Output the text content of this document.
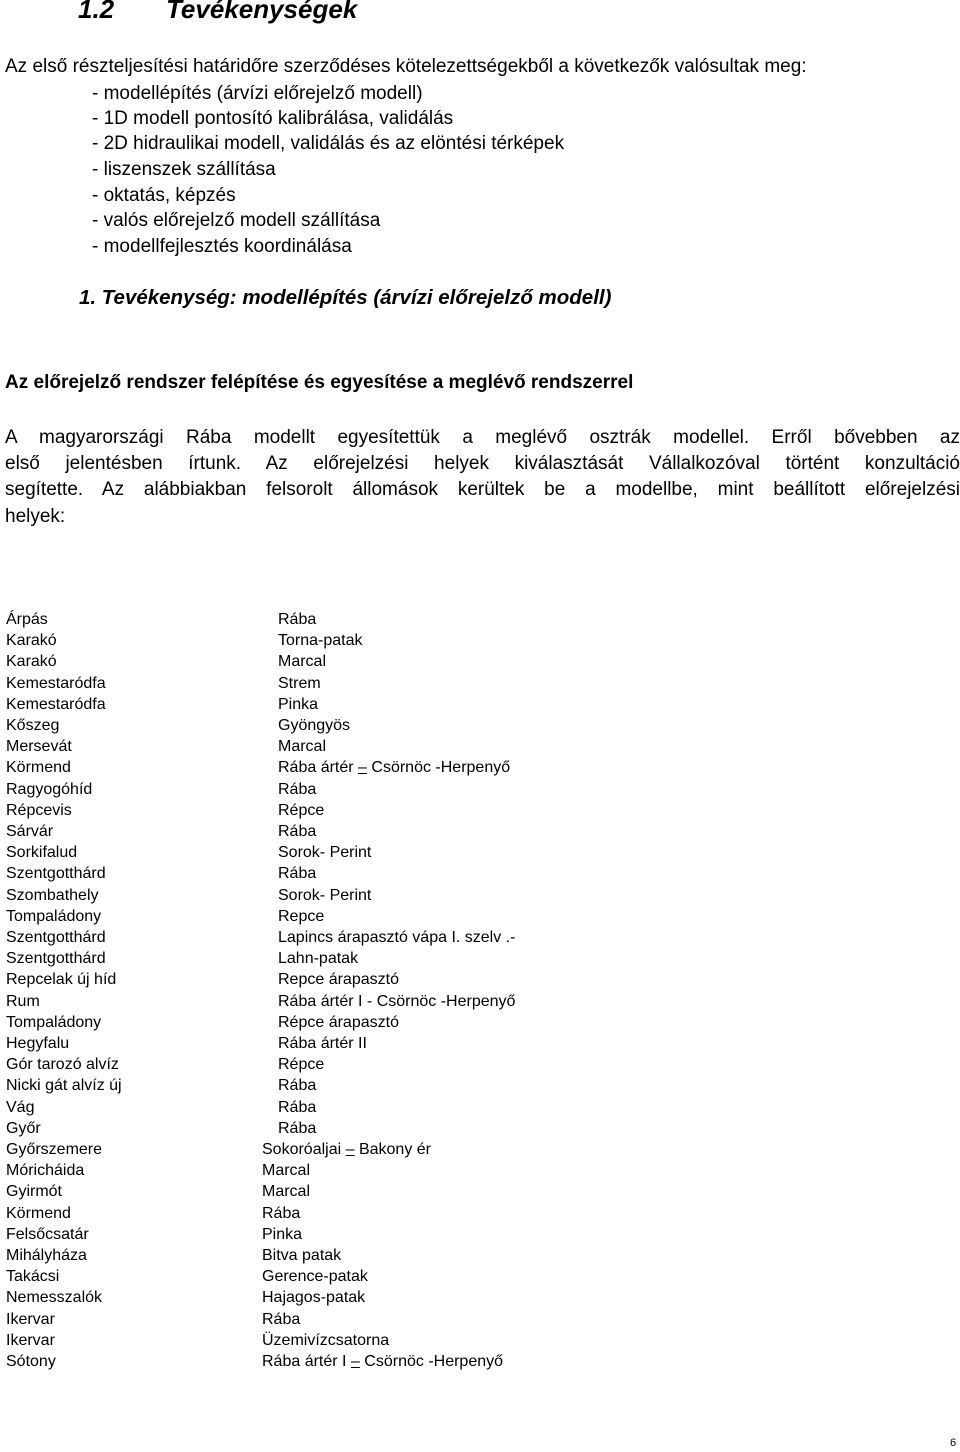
1.2 Tevékenységek
Az első részteljesítési határidőre szerződéses kötelezettségekből a következők valósultak meg:
- modellépítés (árvízi előrejelző modell)
- 1D modell pontosító kalibrálása, validálás
- 2D hidraulikai modell, validálás és az elöntési térképek
- liszenszek szállítása
- oktatás, képzés
- valós előrejelző modell szállítása
- modellfejlesztés koordinálása
1. Tevékenység: modellépítés (árvízi előrejelző modell)
Az előrejelző rendszer felépítése és egyesítése a meglévő rendszerrel
A magyarországi Rába modellt egyesítettük a meglévő osztrák modellel. Erről bővebben az
első jelentésben írtunk. Az előrejelzési helyek kiválasztását Vállalkozóval történt konzultáció
segítette. Az alábbiakban felsorolt állomások kerültek be a modellbe, mint beállított előrejelzési
helyek:
Árpás	Rába
Karakó	Torna-patak
Karakó	Marcal
Kemestaródfa	Strem
Kemestaródfa	Pinka
Kőszeg	Gyöngyös
Mersevát	Marcal
Körmend	Rába ártér – Csörnöc -Herpenyő
Ragyogóhíd	Rába
Répcevis	Répce
Sárvár	Rába
Sorkifalud	Sorok- Perint
Szentgotthárd	Rába
Szombathely	Sorok- Perint
Tompaládony	Repce
Szentgotthárd	Lapincs árapasztó vápa I. szelv .-
Szentgotthárd	Lahn-patak
Repcelak új híd	Repce árapasztó
Rum	Rába ártér I - Csörnöc -Herpenyő
Tompaládony	Répce árapasztó
Hegyfalu	Rába ártér II
Gór tarozó alvíz	Répce
Nicki gát alvíz új	Rába
Vág	Rába
Győr	Rába
Győrszemere	Sokoróaljai – Bakony ér
Móricháida	Marcal
Gyirmót	Marcal
Körmend	Rába
Felsőcsatár	Pinka
Mihályháza	Bitva patak
Takácsi	Gerence-patak
Nemesszalók	Hajagos-patak
Ikervar	Rába
Ikervar	Üzemivízcsatorna
Sótony	Rába ártér I – Csörnöc -Herpenyő
6
